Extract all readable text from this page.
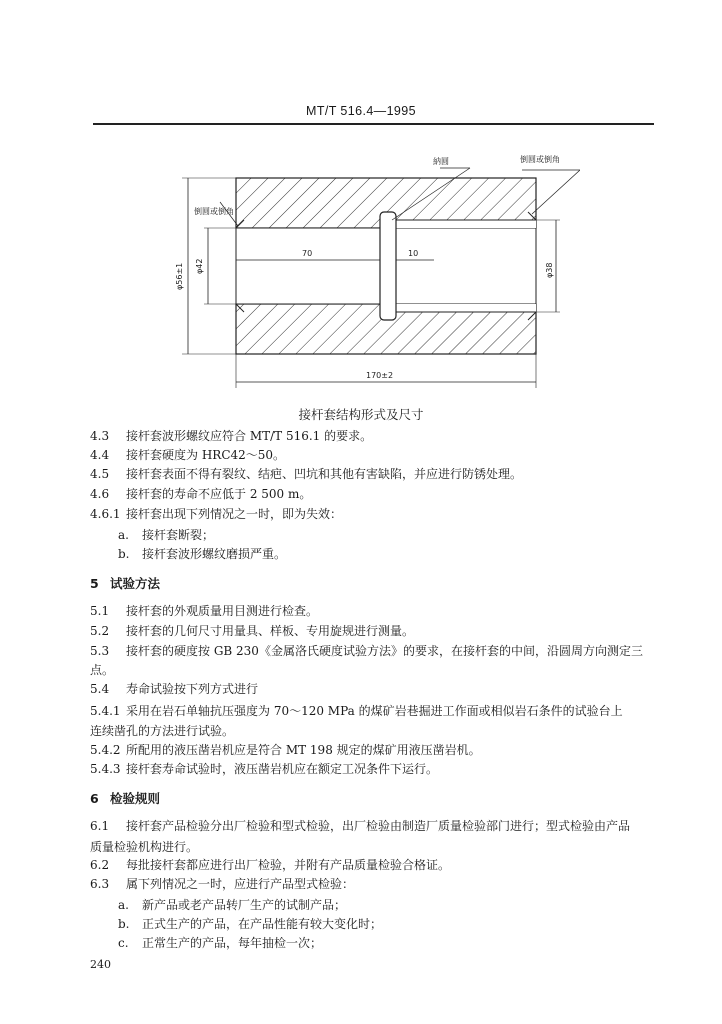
MT/T 516.4—1995
納圆	倒圆或倒角
倒圆或倒角
φ56±1 φ42
70	10
φ38
170±2
接杆套结构形式及尺寸
4.3 接杆套波形螺纹应符合 MT/T 516.1 的要求。
4.4 接杆套硬度为 HRC42～50。
4.5 接杆套表面不得有裂纹、结疤、凹坑和其他有害缺陷，并应进行防锈处理。
4.6 接杆套的寿命不应低于 2 500 m。
4.6.1 接杆套出现下列情况之一时，即为失效：
a. 接杆套断裂；
b. 接杆套波形螺纹磨损严重。
5 试验方法
5.1 接杆套的外观质量用目测进行检查。
5.2 接杆套的几何尺寸用量具、样板、专用旋规进行测量。
5.3 接杆套的硬度按 GB 230《金属洛氏硬度试验方法》的要求，在接杆套的中间，沿圆周方向测定三
点。
5.4 寿命试验按下列方式进行
5.4.1 采用在岩石单轴抗压强度为 70～120 MPa 的煤矿岩巷掘进工作面或相似岩石条件的试验台上
连续凿孔的方法进行试验。
5.4.2 所配用的液压凿岩机应是符合 MT 198 规定的煤矿用液压凿岩机。
5.4.3 接杆套寿命试验时，液压凿岩机应在额定工况条件下运行。
6 检验规则
6.1 接杆套产品检验分出厂检验和型式检验，出厂检验由制造厂质量检验部门进行；型式检验由产品
质量检验机构进行。
6.2 每批接杆套都应进行出厂检验，并附有产品质量检验合格证。
6.3 属下列情况之一时，应进行产品型式检验：
a. 新产品或老产品转厂生产的试制产品；
b. 正式生产的产品，在产品性能有较大变化时；
c. 正常生产的产品，每年抽检一次；
240
